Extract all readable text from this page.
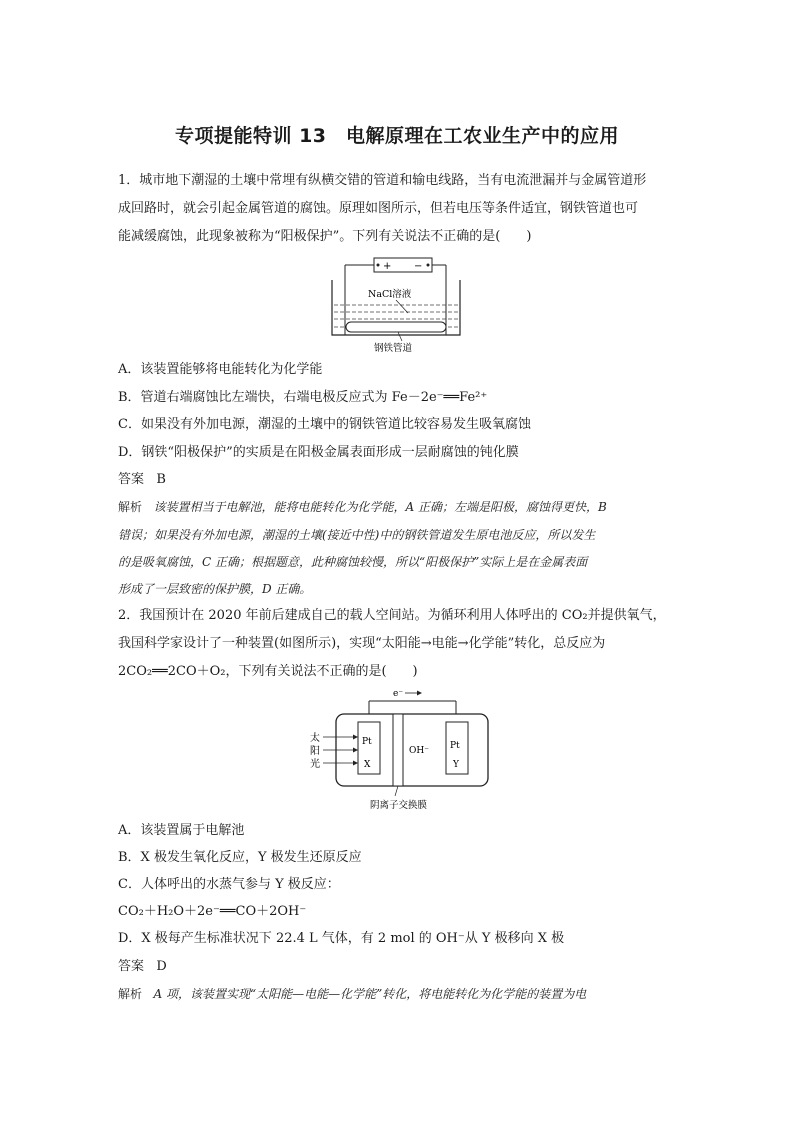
专项提能特训 13　电解原理在工农业生产中的应用
1．城市地下潮湿的土壤中常埋有纵横交错的管道和输电线路，当有电流泄漏并与金属管道形
成回路时，就会引起金属管道的腐蚀。原理如图所示，但若电压等条件适宜，钢铁管道也可
能减缓腐蚀，此现象被称为“阳极保护”。下列有关说法不正确的是(　　)
+ −
NaCl溶液
钢铁管道
A．该装置能够将电能转化为化学能
B．管道右端腐蚀比左端快，右端电极反应式为 Fe－2e⁻══Fe²⁺
C．如果没有外加电源，潮湿的土壤中的钢铁管道比较容易发生吸氧腐蚀
D．钢铁“阳极保护”的实质是在阳极金属表面形成一层耐腐蚀的钝化膜
答案 B
解析 该装置相当于电解池，能将电能转化为化学能，A 正确；左端是阳极，腐蚀得更快，B
错误；如果没有外加电源，潮湿的土壤(接近中性)中的钢铁管道发生原电池反应，所以发生
的是吸氧腐蚀，C 正确；根据题意，此种腐蚀较慢，所以“阳极保护”实际上是在金属表面
形成了一层致密的保护膜，D 正确。
2．我国预计在 2020 年前后建成自己的载人空间站。为循环利用人体呼出的 CO₂并提供氧气，
我国科学家设计了一种装置(如图所示)，实现“太阳能→电能→化学能”转化，总反应为
2CO₂══2CO＋O₂，下列有关说法不正确的是(　　)
e⁻
Pt
X
Pt
Y
OH⁻
太
阳
光
阴离子交换膜
A．该装置属于电解池
B．X 极发生氧化反应，Y 极发生还原反应
C．人体呼出的水蒸气参与 Y 极反应：
CO₂＋H₂O＋2e⁻══CO＋2OH⁻
D．X 极每产生标准状况下 22.4 L 气体，有 2 mol 的 OH⁻从 Y 极移向 X 极
答案 D
解析 A 项，该装置实现“太阳能—电能—化学能”转化，将电能转化为化学能的装置为电
